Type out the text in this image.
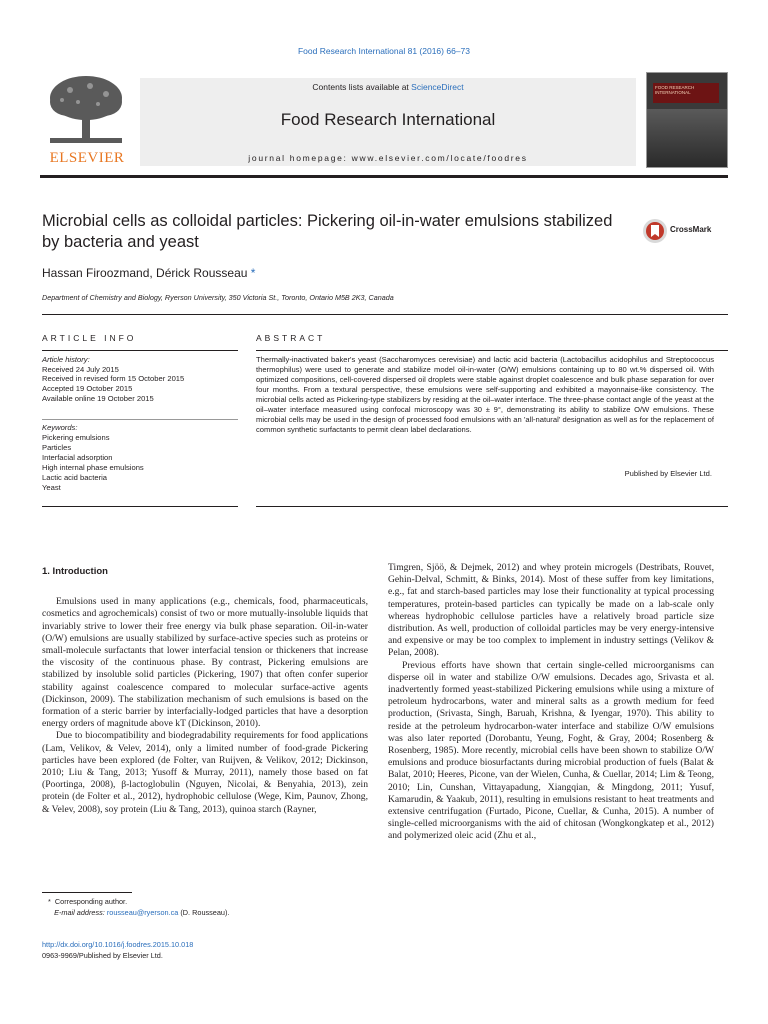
Food Research International 81 (2016) 66–73
ELSEVIER
Contents lists available at ScienceDirect
Food Research International
journal homepage: www.elsevier.com/locate/foodres
FOOD RESEARCH INTERNATIONAL
Microbial cells as colloidal particles: Pickering oil-in-water emulsions stabilized by bacteria and yeast
CrossMark
Hassan Firoozmand, Dérick Rousseau *
Department of Chemistry and Biology, Ryerson University, 350 Victoria St., Toronto, Ontario M5B 2K3, Canada
ARTICLE INFO	ABSTRACT
Article history:
Received 24 July 2015
Received in revised form 15 October 2015
Accepted 19 October 2015
Available online 19 October 2015
Keywords:
Pickering emulsions
Particles
Interfacial adsorption
High internal phase emulsions
Lactic acid bacteria
Yeast
Thermally-inactivated baker's yeast (Saccharomyces cerevisiae) and lactic acid bacteria (Lactobacillus acidophilus and Streptococcus thermophilus) were used to generate and stabilize model oil-in-water (O/W) emulsions containing up to 80 wt.% dispersed oil. With optimized compositions, cell-covered dispersed oil droplets were stable against droplet coalescence and bulk phase separation for over four months. From a textural perspective, these emulsions were self-supporting and exhibited a mayonnaise-like consistency. The microbial cells acted as Pickering-type stabilizers by residing at the oil–water interface. The three-phase contact angle of the yeast at the oil–water interface measured using confocal microscopy was 30 ± 9°, demonstrating its ability to stabilize O/W emulsions. These microbial cells may be used in the design of processed food emulsions with an 'all-natural' designation as well as for the replacement of common synthetic surfactants to permit clean label declarations.
Published by Elsevier Ltd.
1. Introduction

Emulsions used in many applications (e.g., chemicals, food, pharmaceuticals, cosmetics and agrochemicals) consist of two or more mutually-insoluble liquids that invariably strive to lower their free energy via bulk phase separation. Oil-in-water (O/W) emulsions are usually stabilized by surface-active species such as proteins or small-molecule surfactants that lower interfacial tension or thickeners that increase the viscosity of the continuous phase. By contrast, Pickering emulsions are stabilized by insoluble solid particles (Pickering, 1907) that often confer superior stability against coalescence compared to molecular surface-active agents (Dickinson, 2009). The stabilization mechanism of such emulsions is based on the formation of a steric barrier by interfacially-lodged particles that have a desorption energy orders of magnitude above kT (Dickinson, 2010).

Due to biocompatibility and biodegradability requirements for food applications (Lam, Velikov, & Velev, 2014), only a limited number of food-grade Pickering particles have been explored (de Folter, van Ruijven, & Velikov, 2012; Dickinson, 2010; Liu & Tang, 2013; Yusoff & Murray, 2011), namely those based on fat (Poortinga, 2008), β-lactoglobulin (Nguyen, Nicolai, & Benyahia, 2013), zein protein (de Folter et al., 2012), hydrophobic cellulose (Wege, Kim, Paunov, Zhong, & Velev, 2008), soy protein (Liu & Tang, 2013), quinoa starch (Rayner,

Timgren, Sjöö, & Dejmek, 2012) and whey protein microgels (Destribats, Rouvet, Gehin-Delval, Schmitt, & Binks, 2014). Most of these suffer from key limitations, e.g., fat and starch-based particles may lose their functionality at typical processing temperatures, protein-based particles can typically be made on a lab-scale only whereas hydrophobic cellulose particles have a relatively broad particle size distribution. As well, production of colloidal particles may be very energy-intensive and expensive or may be too complex to implement in industry settings (Velikov & Pelan, 2008).

Previous efforts have shown that certain single-celled microorganisms can disperse oil in water and stabilize O/W emulsions. Decades ago, Srivasta et al. inadvertently formed yeast-stabilized Pickering emulsions while using a mixture of petroleum hydrocarbons, water and mineral salts as a growth medium for feed production, (Srivasta, Singh, Baruah, Krishna, & Iyengar, 1970). This ability to reside at the petroleum hydrocarbon-water interface and stabilize O/W emulsions was also later reported (Dorobantu, Yeung, Foght, & Gray, 2004; Rosenberg & Rosenberg, 1985). More recently, microbial cells have been shown to stabilize O/W emulsions and produce biosurfactants during microbial production of fuels (Balat & Balat, 2010; Heeres, Picone, van der Wielen, Cunha, & Cuellar, 2014; Lim & Teong, 2010; Lin, Cunshan, Vittayapadung, Xiangqian, & Mingdong, 2011; Yusuf, Kamarudin, & Yaakub, 2011), resulting in emulsions resistant to heat treatments and extensive centrifugation (Furtado, Picone, Cuellar, & Cunha, 2015). A number of single-celled microorganisms with the aid of chitosan (Wongkongkatep et al., 2012) and polymerized oleic acid (Zhu et al.,

* Corresponding author.
E-mail address: rousseau@ryerson.ca (D. Rousseau).
http://dx.doi.org/10.1016/j.foodres.2015.10.018
0963-9969/Published by Elsevier Ltd.
